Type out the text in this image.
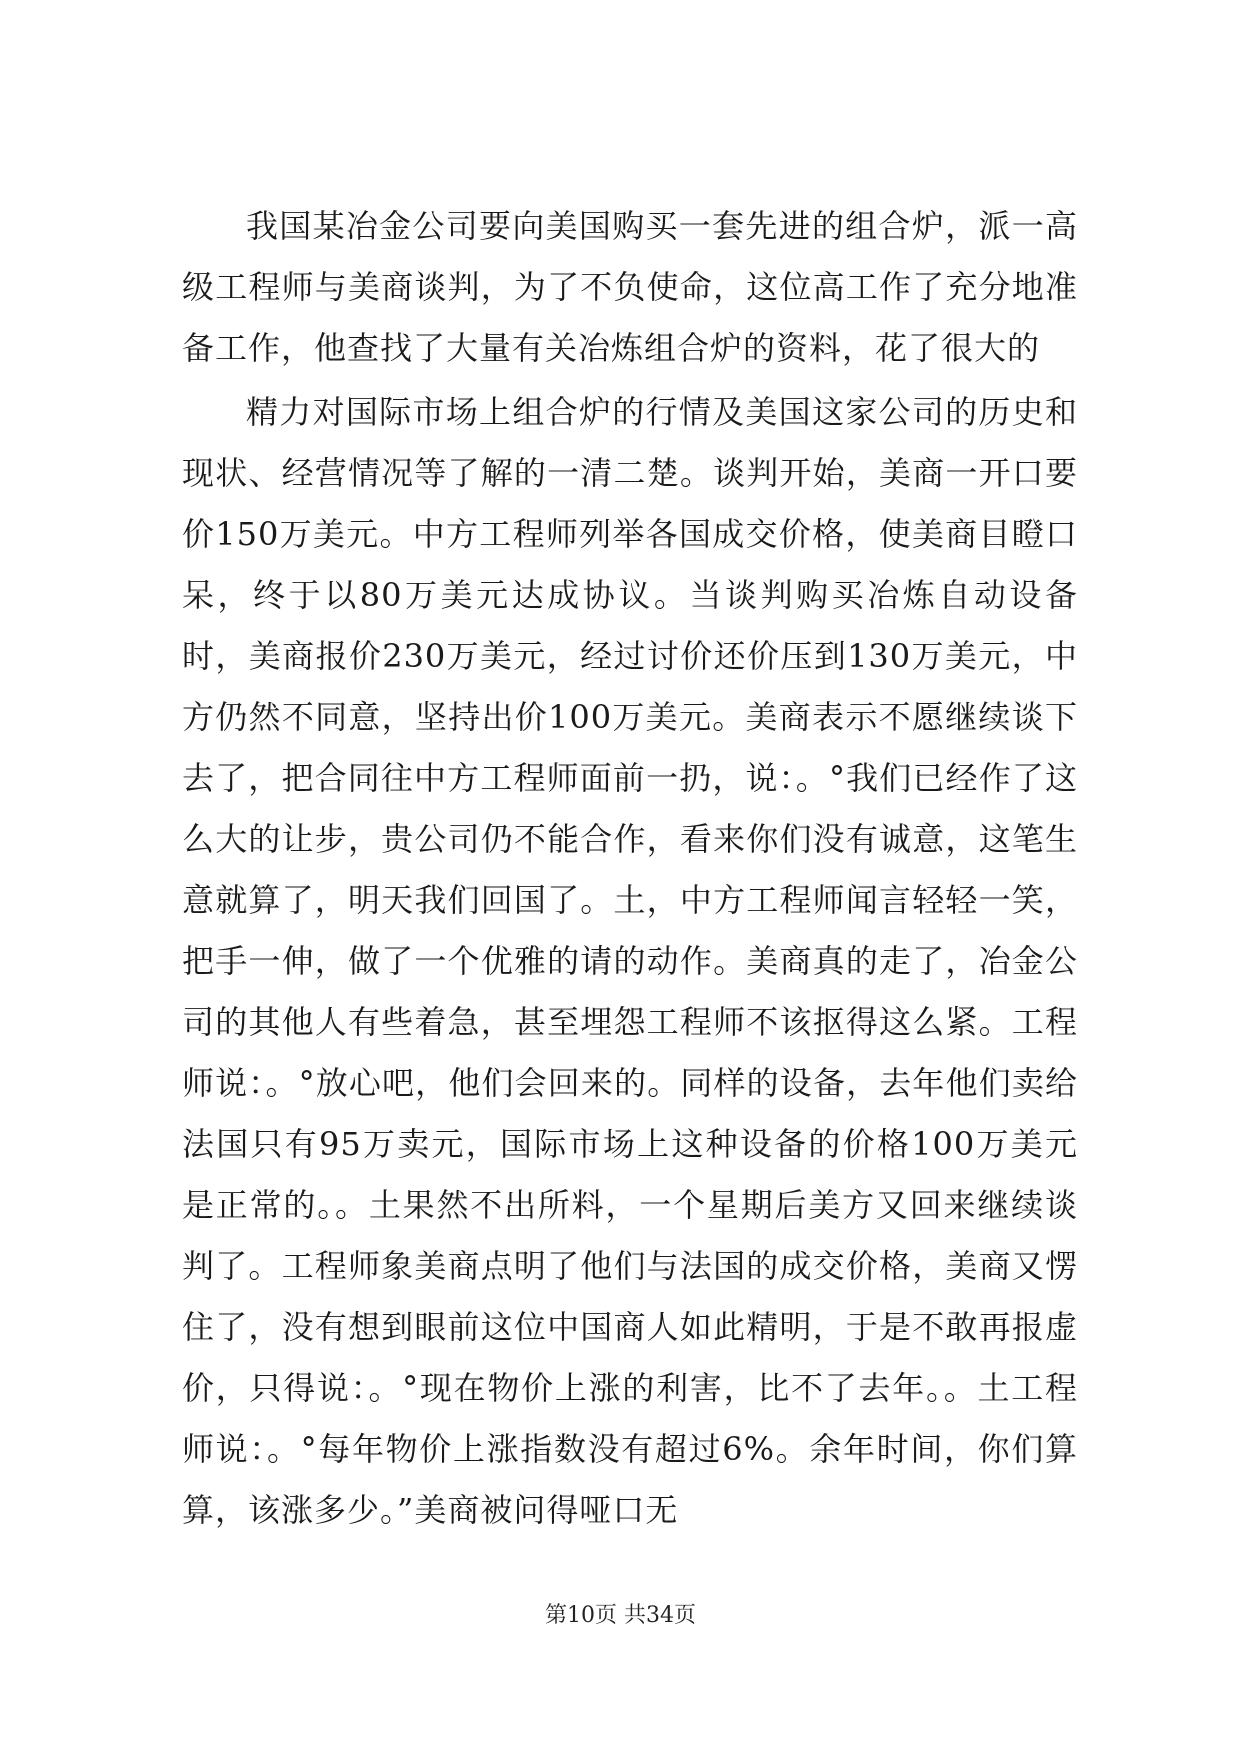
我国某冶金公司要向美国购买一套先进的组合炉，派一高级工程师与美商谈判，为了不负使命，这位高工作了充分地准备工作，他查找了大量有关冶炼组合炉的资料，花了很大的

精力对国际市场上组合炉的行情及美国这家公司的历史和现状、经营情况等了解的一清二楚。谈判开始，美商一开口要价150万美元。中方工程师列举各国成交价格，使美商目瞪口呆，终于以80万美元达成协议。当谈判购买冶炼自动设备时，美商报价230万美元，经过讨价还价压到130万美元，中方仍然不同意，坚持出价100万美元。美商表示不愿继续谈下去了，把合同往中方工程师面前一扔，说：。°我们已经作了这么大的让步，贵公司仍不能合作，看来你们没有诚意，这笔生意就算了，明天我们回国了。土，中方工程师闻言轻轻一笑，把手一伸，做了一个优雅的请的动作。美商真的走了，冶金公司的其他人有些着急，甚至埋怨工程师不该抠得这么紧。工程师说：。°放心吧，他们会回来的。同样的设备，去年他们卖给法国只有95万卖元，国际市场上这种设备的价格100万美元是正常的。。土果然不出所料，一个星期后美方又回来继续谈判了。工程师象美商点明了他们与法国的成交价格，美商又愣住了，没有想到眼前这位中国商人如此精明，于是不敢再报虚价，只得说：。°现在物价上涨的利害，比不了去年。。土工程师说：。°每年物价上涨指数没有超过6%。余年时间，你们算算，该涨多少。”美商被问得哑口无

第10页 共34页
